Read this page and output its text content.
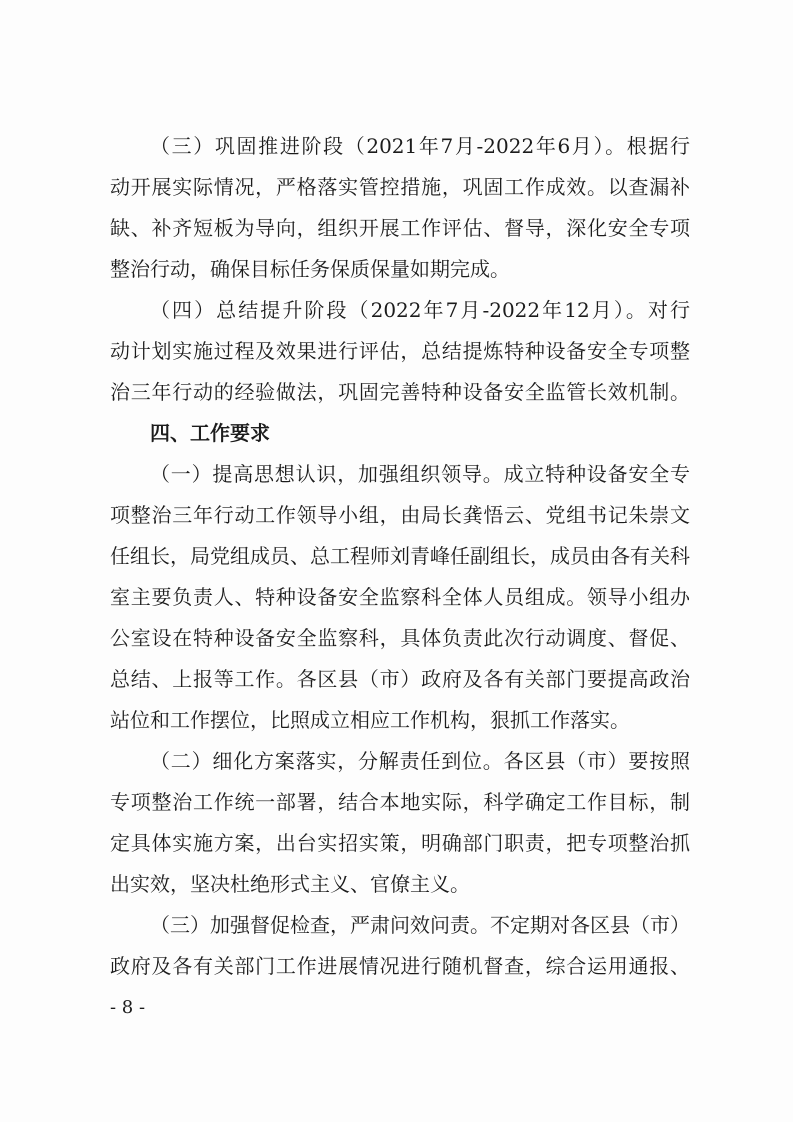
（三）巩固推进阶段（2021年7月-2022年6月）。根据行
动开展实际情况，严格落实管控措施，巩固工作成效。以查漏补
缺、补齐短板为导向，组织开展工作评估、督导，深化安全专项
整治行动，确保目标任务保质保量如期完成。
（四）总结提升阶段（2022年7月-2022年12月）。对行
动计划实施过程及效果进行评估，总结提炼特种设备安全专项整
治三年行动的经验做法，巩固完善特种设备安全监管长效机制。
四、工作要求
（一）提高思想认识，加强组织领导。成立特种设备安全专
项整治三年行动工作领导小组，由局长龚悟云、党组书记朱崇文
任组长，局党组成员、总工程师刘青峰任副组长，成员由各有关科
室主要负责人、特种设备安全监察科全体人员组成。领导小组办
公室设在特种设备安全监察科，具体负责此次行动调度、督促、
总结、上报等工作。各区县（市）政府及各有关部门要提高政治
站位和工作摆位，比照成立相应工作机构，狠抓工作落实。
（二）细化方案落实，分解责任到位。各区县（市）要按照
专项整治工作统一部署，结合本地实际，科学确定工作目标，制
定具体实施方案，出台实招实策，明确部门职责，把专项整治抓
出实效，坚决杜绝形式主义、官僚主义。
（三）加强督促检查，严肃问效问责。不定期对各区县（市）
政府及各有关部门工作进展情况进行随机督查，综合运用通报、
- 8 -
